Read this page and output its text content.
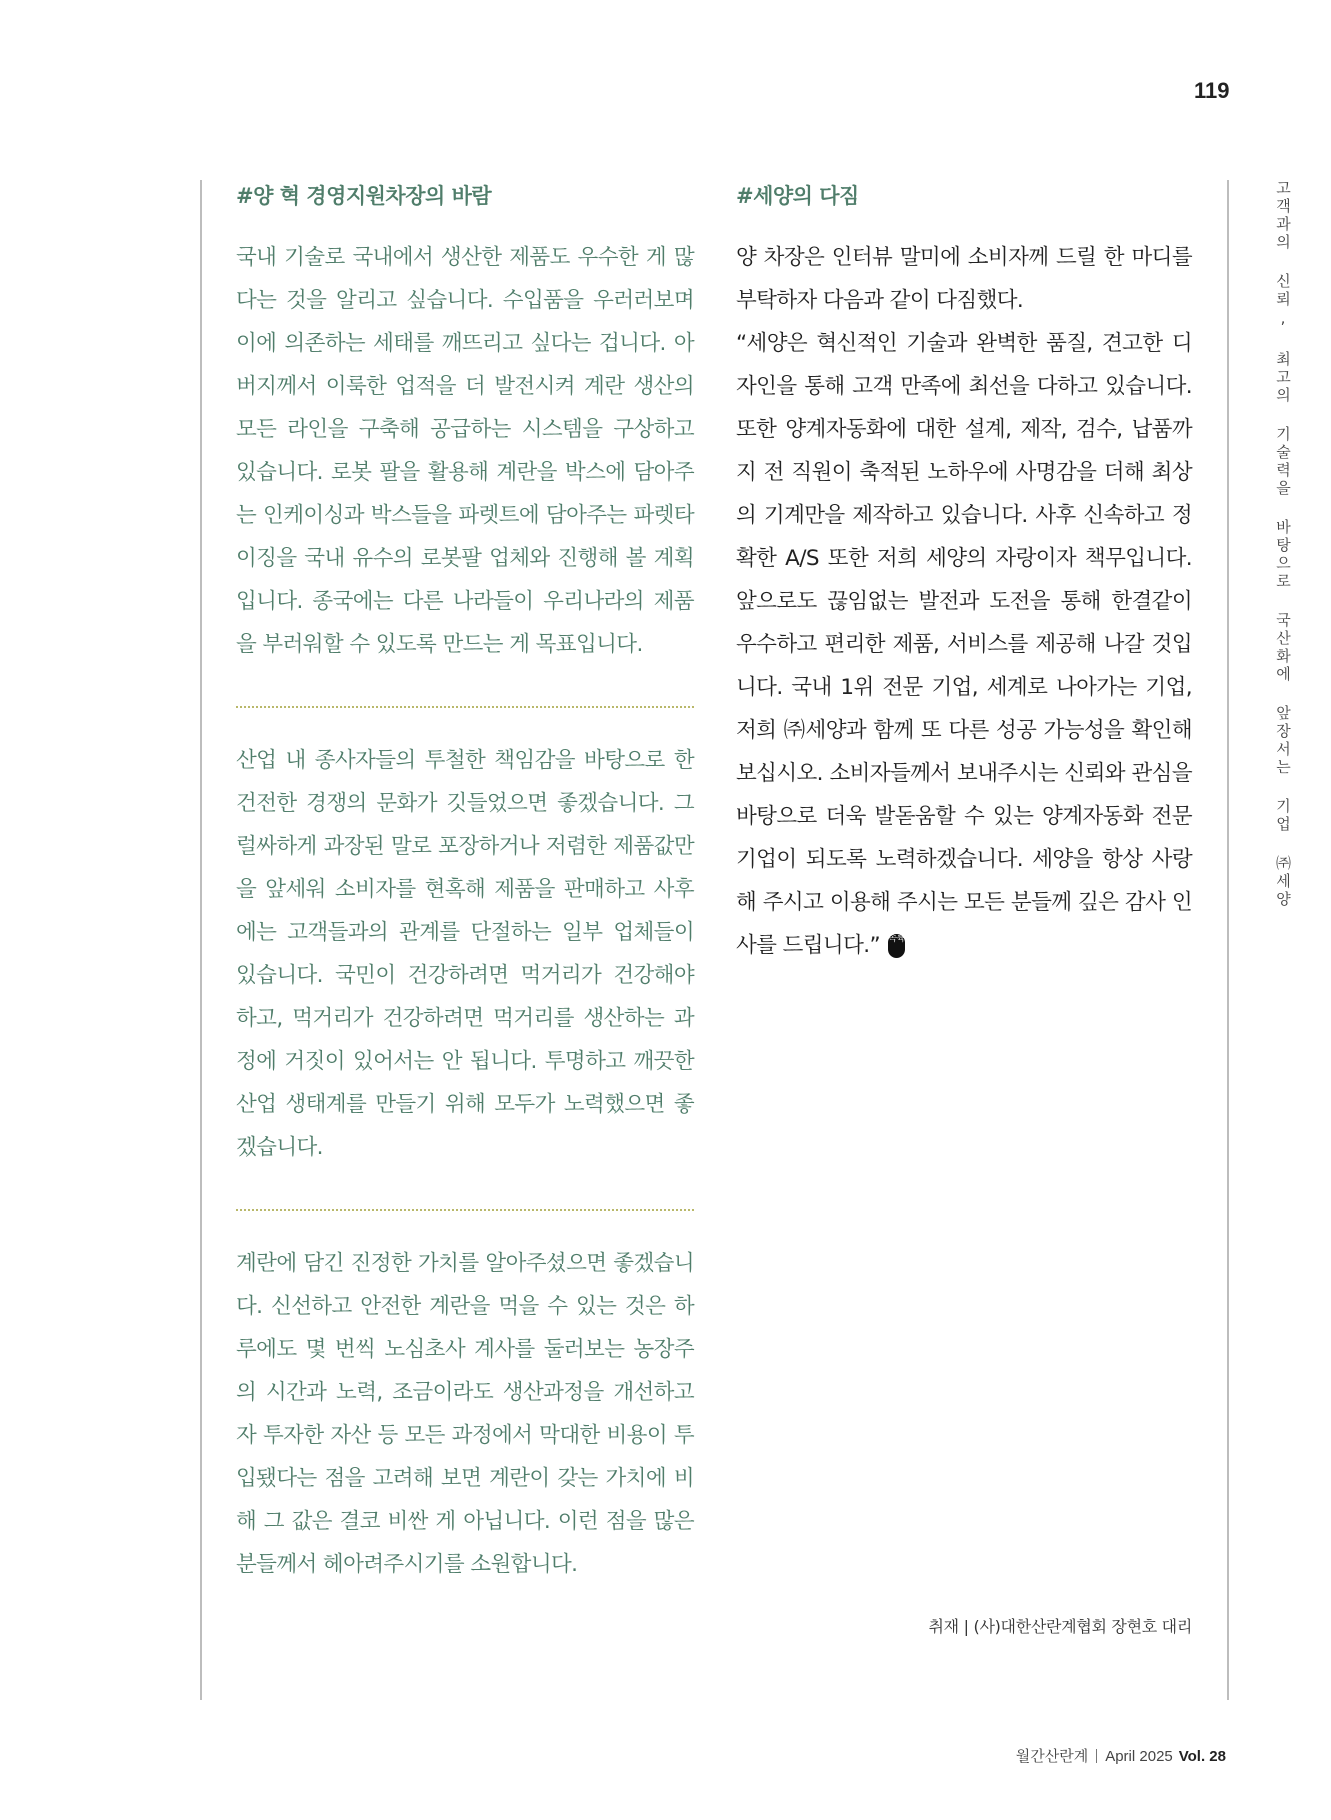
119
#양 혁 경영지원차장의 바람	#세양의 다짐

국내 기술로 국내에서 생산한 제품도 우수한 게 많다는 것을 알리고 싶습니다. 수입품을 우러러보며 이에 의존하는 세태를 깨뜨리고 싶다는 겁니다. 아버지께서 이룩한 업적을 더 발전시켜 계란 생산의 모든 라인을 구축해 공급하는 시스템을 구상하고 있습니다. 로봇 팔을 활용해 계란을 박스에 담아주는 인케이싱과 박스들을 파렛트에 담아주는 파렛타이징을 국내 유수의 로봇팔 업체와 진행해 볼 계획입니다. 종국에는 다른 나라들이 우리나라의 제품을 부러워할 수 있도록 만드는 게 목표입니다.

산업 내 종사자들의 투철한 책임감을 바탕으로 한 건전한 경쟁의 문화가 깃들었으면 좋겠습니다. 그럴싸하게 과장된 말로 포장하거나 저렴한 제품값만을 앞세워 소비자를 현혹해 제품을 판매하고 사후에는 고객들과의 관계를 단절하는 일부 업체들이 있습니다. 국민이 건강하려면 먹거리가 건강해야 하고, 먹거리가 건강하려면 먹거리를 생산하는 과정에 거짓이 있어서는 안 됩니다. 투명하고 깨끗한 산업 생태계를 만들기 위해 모두가 노력했으면 좋겠습니다.

계란에 담긴 진정한 가치를 알아주셨으면 좋겠습니다. 신선하고 안전한 계란을 먹을 수 있는 것은 하루에도 몇 번씩 노심초사 계사를 둘러보는 농장주의 시간과 노력, 조금이라도 생산과정을 개선하고자 투자한 자산 등 모든 과정에서 막대한 비용이 투입됐다는 점을 고려해 보면 계란이 갖는 가치에 비해 그 값은 결코 비싼 게 아닙니다. 이런 점을 많은 분들께서 헤아려주시기를 소원합니다.

양 차장은 인터뷰 말미에 소비자께 드릴 한 마디를 부탁하자 다음과 같이 다짐했다.

“세양은 혁신적인 기술과 완벽한 품질, 견고한 디자인을 통해 고객 만족에 최선을 다하고 있습니다. 또한 양계자동화에 대한 설계, 제작, 검수, 납품까지 전 직원이 축적된 노하우에 사명감을 더해 최상의 기계만을 제작하고 있습니다. 사후 신속하고 정확한 A/S 또한 저희 세양의 자랑이자 책무입니다. 앞으로도 끊임없는 발전과 도전을 통해 한결같이 우수하고 편리한 제품, 서비스를 제공해 나갈 것입니다. 국내 1위 전문 기업, 세계로 나아가는 기업, 저희 ㈜세양과 함께 또 다른 성공 가능성을 확인해 보십시오. 소비자들께서 보내주시는 신뢰와 관심을 바탕으로 더욱 발돋움할 수 있는 양계자동화 전문 기업이 되도록 노력하겠습니다. 세양을 항상 사랑해 주시고 이용해 주시는 모든 분들께 깊은 감사 인사를 드립니다.” 속륙

취재 | (사)대한산란계협회 장현호 대리
고객과의 신뢰, 최고의 기술력을 바탕으로 국산화에 앞장서는 기업 ㈜세양
월간산란계 April 2025 Vol. 28
